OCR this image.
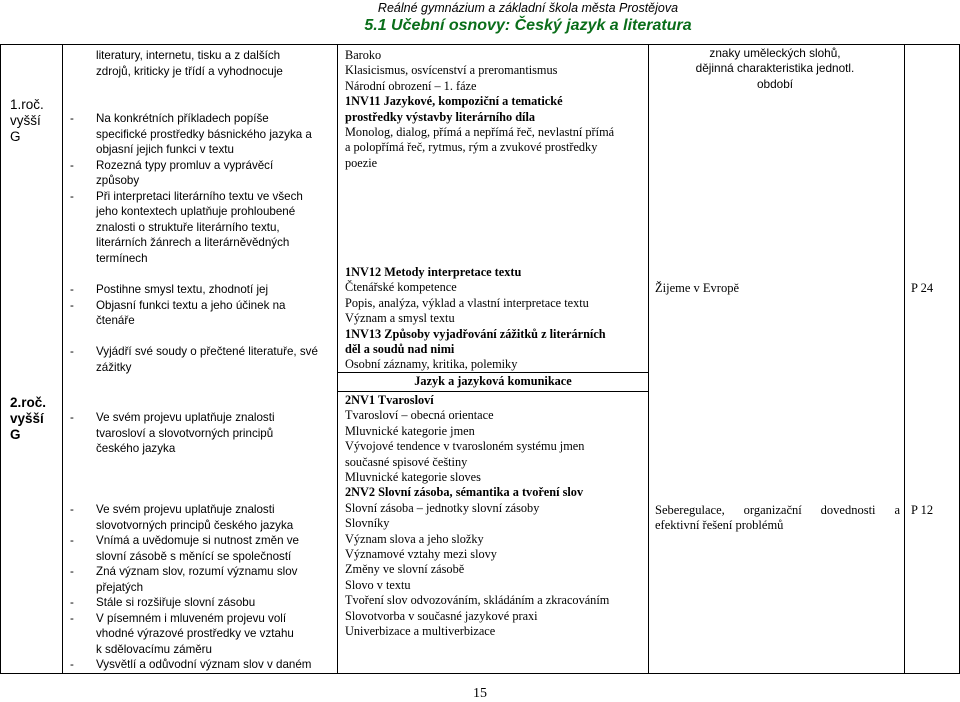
Reálné gymnázium a základní škola města Prostějova
5.1 Učební osnovy: Český jazyk a literatura
1.roč.
vyšší
G
2.roč.
vyšší
G
literatury, internetu, tisku a z dalších
zdrojů, kriticky je třídí a vyhodnocuje
- Na konkrétních příkladech popíše
specifické prostředky básnického jazyka a
objasní jejich funkci v textu
- Rozezná typy promluv a vyprávěcí
způsoby
- Při interpretaci literárního textu ve všech
jeho kontextech uplatňuje prohloubené
znalosti o struktuře literárního textu,
literárních žánrech a literárněvědných
termínech
- Postihne smysl textu, zhodnotí jej
- Objasní funkci textu a jeho účinek na
čtenáře
- Vyjádří své soudy o přečtené literatuře, své
zážitky
- Ve svém projevu uplatňuje znalosti
tvarosloví a slovotvorných principů
českého jazyka
- Ve svém projevu uplatňuje znalosti
slovotvorných principů českého jazyka
- Vnímá a uvědomuje si nutnost změn ve
slovní zásobě s měnící se společností
- Zná význam slov, rozumí významu slov
přejatých
- Stále si rozšiřuje slovní zásobu
- V písemném i mluveném projevu volí
vhodné výrazové prostředky ve vztahu
k sdělovacímu záměru
- Vysvětlí a odůvodní význam slov v daném
Baroko
Klasicismus, osvícenství a preromantismus
Národní obrození – 1. fáze
1NV11 Jazykové, kompoziční a tematické
prostředky výstavby literárního díla
Monolog, dialog, přímá a nepřímá řeč, nevlastní přímá
a polopřímá řeč, rytmus, rým a zvukové prostředky
poezie
1NV12 Metody interpretace textu
Čtenářské kompetence
Popis, analýza, výklad a vlastní interpretace textu
Význam a smysl textu
1NV13 Způsoby vyjadřování zážitků z literárních
děl a soudů nad nimi
Osobní záznamy, kritika, polemiky
Jazyk a jazyková komunikace
2NV1 Tvarosloví
Tvarosloví – obecná orientace
Mluvnické kategorie jmen
Vývojové tendence v tvarosloném systému jmen
současné spisové češtiny
Mluvnické kategorie sloves
2NV2 Slovní zásoba, sémantika a tvoření slov
Slovní zásoba – jednotky slovní zásoby
Slovníky
Význam slova a jeho složky
Významové vztahy mezi slovy
Změny ve slovní zásobě
Slovo v textu
Tvoření slov odvozováním, skládáním a zkracováním
Slovotvorba v současné jazykové praxi
Univerbizace a multiverbizace
znaky uměleckých slohů,
dějinná charakteristika jednotl.
období
Žijeme v Evropě	P 24
Seberegulace, organizační dovednosti a
efektivní řešení problémů
P 12
15
